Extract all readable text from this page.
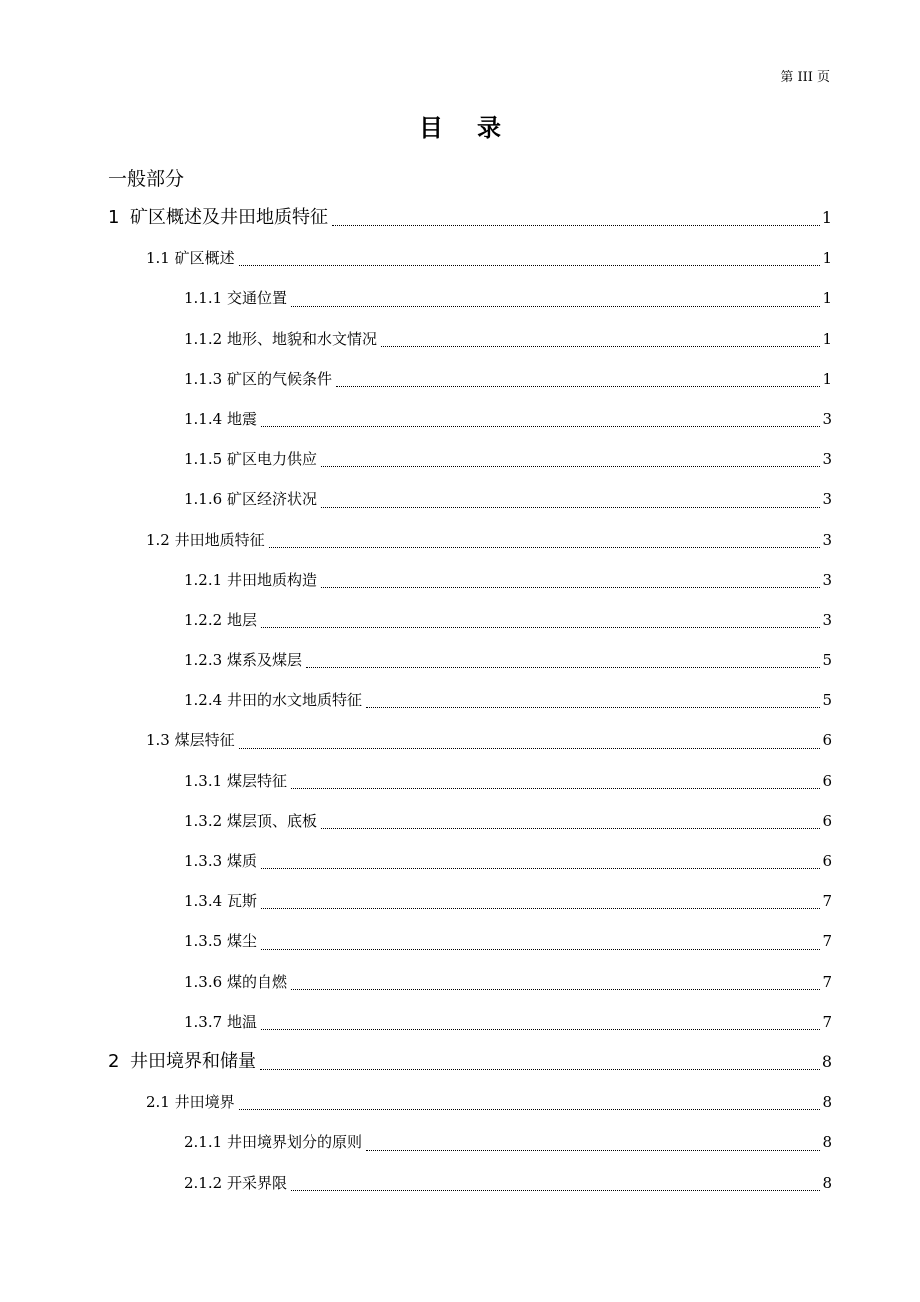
第 III 页
目录
一般部分
1 矿区概述及井田地质特征	1
1.1 矿区概述	1
1.1.1 交通位置	1
1.1.2 地形、地貌和水文情况	1
1.1.3 矿区的气候条件	1
1.1.4 地震	3
1.1.5 矿区电力供应	3
1.1.6 矿区经济状况	3
1.2 井田地质特征	3
1.2.1 井田地质构造	3
1.2.2 地层	3
1.2.3 煤系及煤层	5
1.2.4 井田的水文地质特征	5
1.3 煤层特征	6
1.3.1 煤层特征	6
1.3.2 煤层顶、底板	6
1.3.3 煤质	6
1.3.4 瓦斯	7
1.3.5 煤尘	7
1.3.6 煤的自燃	7
1.3.7 地温	7
2 井田境界和储量	8
2.1 井田境界	8
2.1.1 井田境界划分的原则	8
2.1.2 开采界限	8
